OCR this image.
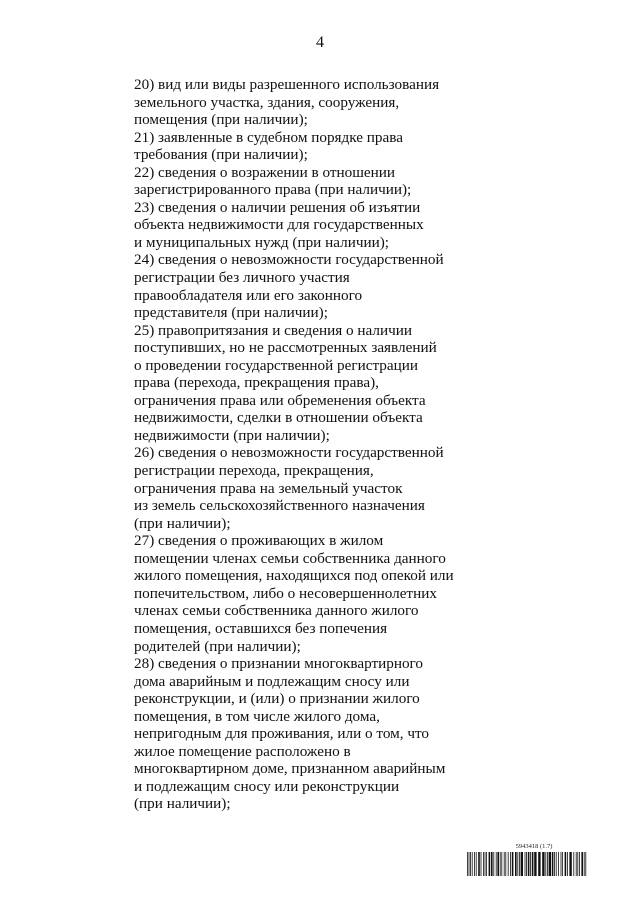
4
20) вид или виды разрешенного использования
земельного участка, здания, сооружения,
помещения (при наличии);
21) заявленные в судебном порядке права
требования (при наличии);
22) сведения о возражении в отношении
зарегистрированного права (при наличии);
23) сведения о наличии решения об изъятии
объекта недвижимости для государственных
и муниципальных нужд (при наличии);
24) сведения о невозможности государственной
регистрации без личного участия
правообладателя или его законного
представителя (при наличии);
25) правопритязания и сведения о наличии
поступивших, но не рассмотренных заявлений
о проведении государственной регистрации
права (перехода, прекращения права),
ограничения права или обременения объекта
недвижимости, сделки в отношении объекта
недвижимости (при наличии);
26) сведения о невозможности государственной
регистрации перехода, прекращения,
ограничения права на земельный участок
из земель сельскохозяйственного назначения
(при наличии);
27) сведения о проживающих в жилом
помещении членах семьи собственника данного
жилого помещения, находящихся под опекой или
попечительством, либо о несовершеннолетних
членах семьи собственника данного жилого
помещения, оставшихся без попечения
родителей (при наличии);
28) сведения о признании многоквартирного
дома аварийным и подлежащим сносу или
реконструкции, и (или) о признании жилого
помещения, в том числе жилого дома,
непригодным для проживания, или о том, что
жилое помещение расположено в
многоквартирном доме, признанном аварийным
и подлежащим сносу или реконструкции
(при наличии);
5943418 (1.7)
